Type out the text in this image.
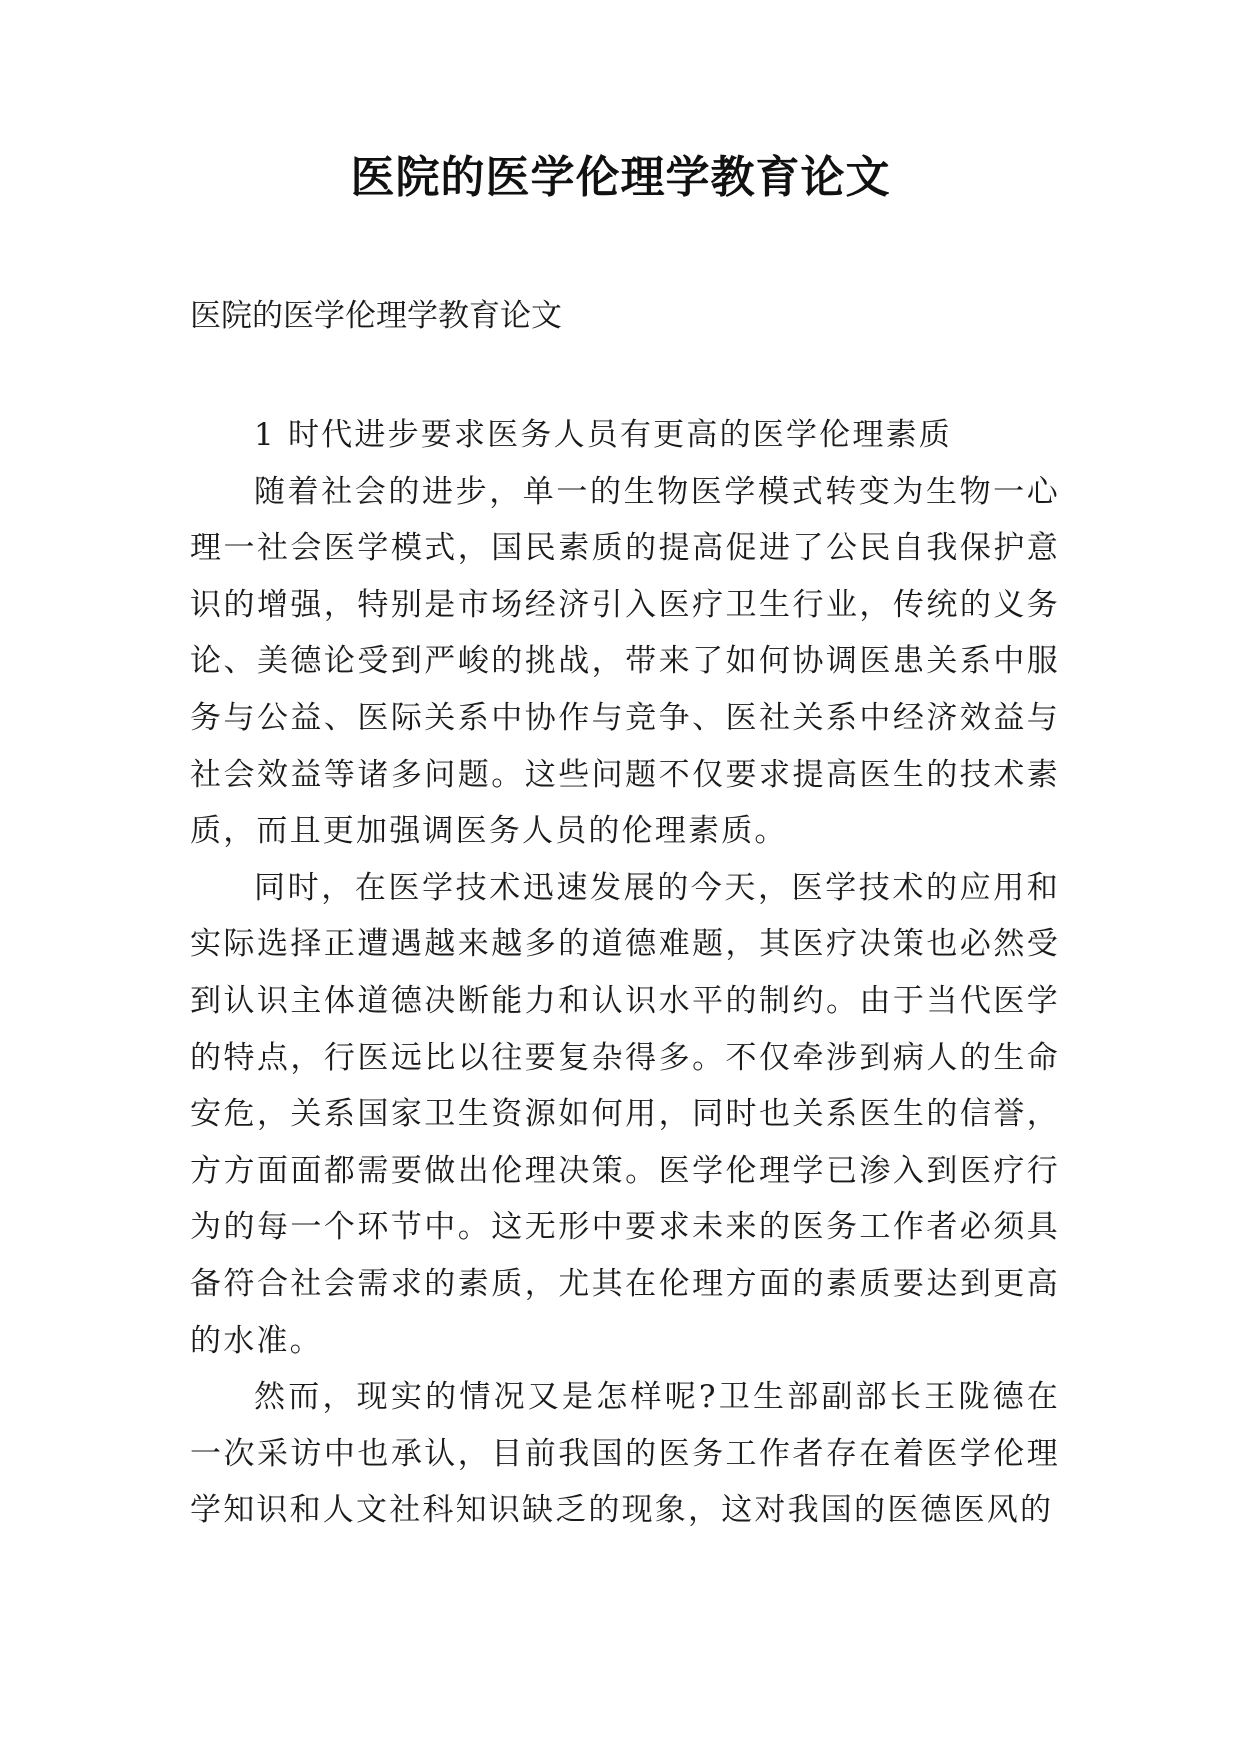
医院的医学伦理学教育论文
医院的医学伦理学教育论文

1 时代进步要求医务人员有更高的医学伦理素质

随着社会的进步，单一的生物医学模式转变为生物一心理一社会医学模式，国民素质的提高促进了公民自我保护意识的增强，特别是市场经济引入医疗卫生行业，传统的义务论、美德论受到严峻的挑战，带来了如何协调医患关系中服务与公益、医际关系中协作与竞争、医社关系中经济效益与社会效益等诸多问题。这些问题不仅要求提高医生的技术素质，而且更加强调医务人员的伦理素质。

同时，在医学技术迅速发展的今天，医学技术的应用和实际选择正遭遇越来越多的道德难题，其医疗决策也必然受到认识主体道德决断能力和认识水平的制约。由于当代医学的特点，行医远比以往要复杂得多。不仅牵涉到病人的生命安危，关系国家卫生资源如何用，同时也关系医生的信誉，方方面面都需要做出伦理决策。医学伦理学已渗入到医疗行为的每一个环节中。这无形中要求未来的医务工作者必须具备符合社会需求的素质，尤其在伦理方面的素质要达到更高的水准。

然而，现实的情况又是怎样呢?卫生部副部长王陇德在一次采访中也承认，目前我国的医务工作者存在着医学伦理学知识和人文社科知识缺乏的现象，这对我国的医德医风的
